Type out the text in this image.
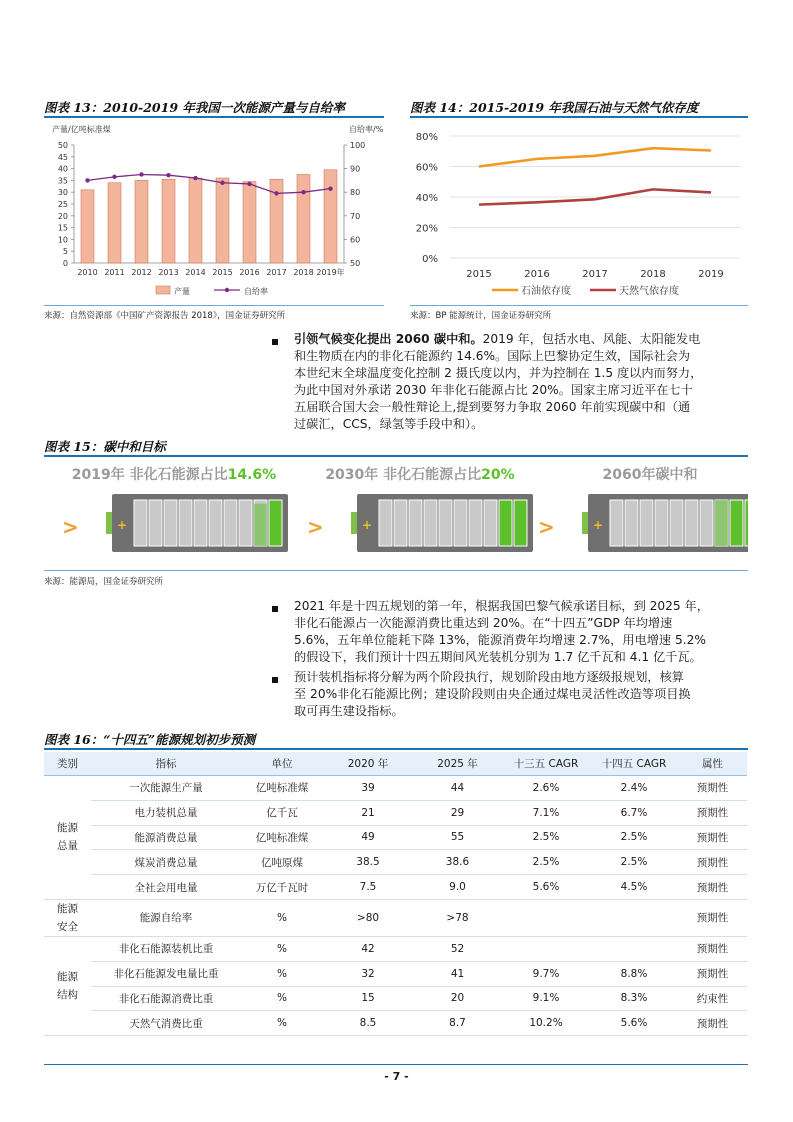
图表 13：2010-2019 年我国一次能源产量与自给率
产量/亿吨标准煤	自给率/%
0
5
10
15
20
25
30
35
40
45
50
50
60
70
80
90
100
2010 2011 2012 2013 2014 2015 2016 2017 2018 2019年
产量	自给率
来源：自然资源部《中国矿产资源报告 2018》，国金证券研究所
图表 14：2015-2019 年我国石油与天然气依存度
0%
20%
40%
60%
80%
2015	2016	2017	2018	2019
石油依存度	天然气依存度
来源：BP 能源统计，国金证券研究所
引领气候变化提出 2060 碳中和。2019 年，包括水电、风能、太阳能发电
和生物质在内的非化石能源约 14.6%。国际上巴黎协定生效，国际社会为
本世纪末全球温度变化控制 2 摄氏度以内，并为控制在 1.5 度以内而努力，
为此中国对外承诺 2030 年非化石能源占比 20%。国家主席习近平在七十
五届联合国大会一般性辩论上,提到要努力争取 2060 年前实现碳中和（通
过碳汇，CCS，绿氢等手段中和）。
图表 15：碳中和目标
2019年 非化石能源占比14.6%
>	+
2030年 非化石能源占比20%
>	+
2060年碳中和
>	+
来源：能源局，国金证券研究所
2021 年是十四五规划的第一年，根据我国巴黎气候承诺目标，到 2025 年，
非化石能源占一次能源消费比重达到 20%。在“十四五”GDP 年均增速
5.6%，五年单位能耗下降 13%，能源消费年均增速 2.7%，用电增速 5.2%
的假设下，我们预计十四五期间风光装机分别为 1.7 亿千瓦和 4.1 亿千瓦。
预计装机指标将分解为两个阶段执行，规划阶段由地方逐级报规划，核算
至 20%非化石能源比例；建设阶段则由央企通过煤电灵活性改造等项目换
取可再生建设指标。
图表 16：“十四五”能源规划初步预测
类别	指标	单位	2020 年	2025 年	十三五 CAGR	十四五 CAGR	属性
能源总量	一次能源生产量	亿吨标准煤	39	44	2.6%	2.4%	预期性
	电力装机总量	亿千瓦	21	29	7.1%	6.7%	预期性
	能源消费总量	亿吨标准煤	49	55	2.5%	2.5%	预期性
	煤炭消费总量	亿吨原煤	38.5	38.6	2.5%	2.5%	预期性
	全社会用电量	万亿千瓦时	7.5	9.0	5.6%	4.5%	预期性
能源安全	能源自给率	%	>80	>78			预期性
能源结构	非化石能源装机比重	%	42	52			预期性
	非化石能源发电量比重	%	32	41	9.7%	8.8%	预期性
	非化石能源消费比重	%	15	20	9.1%	8.3%	约束性
	天然气消费比重	%	8.5	8.7	10.2%	5.6%	预期性
- 7 -
